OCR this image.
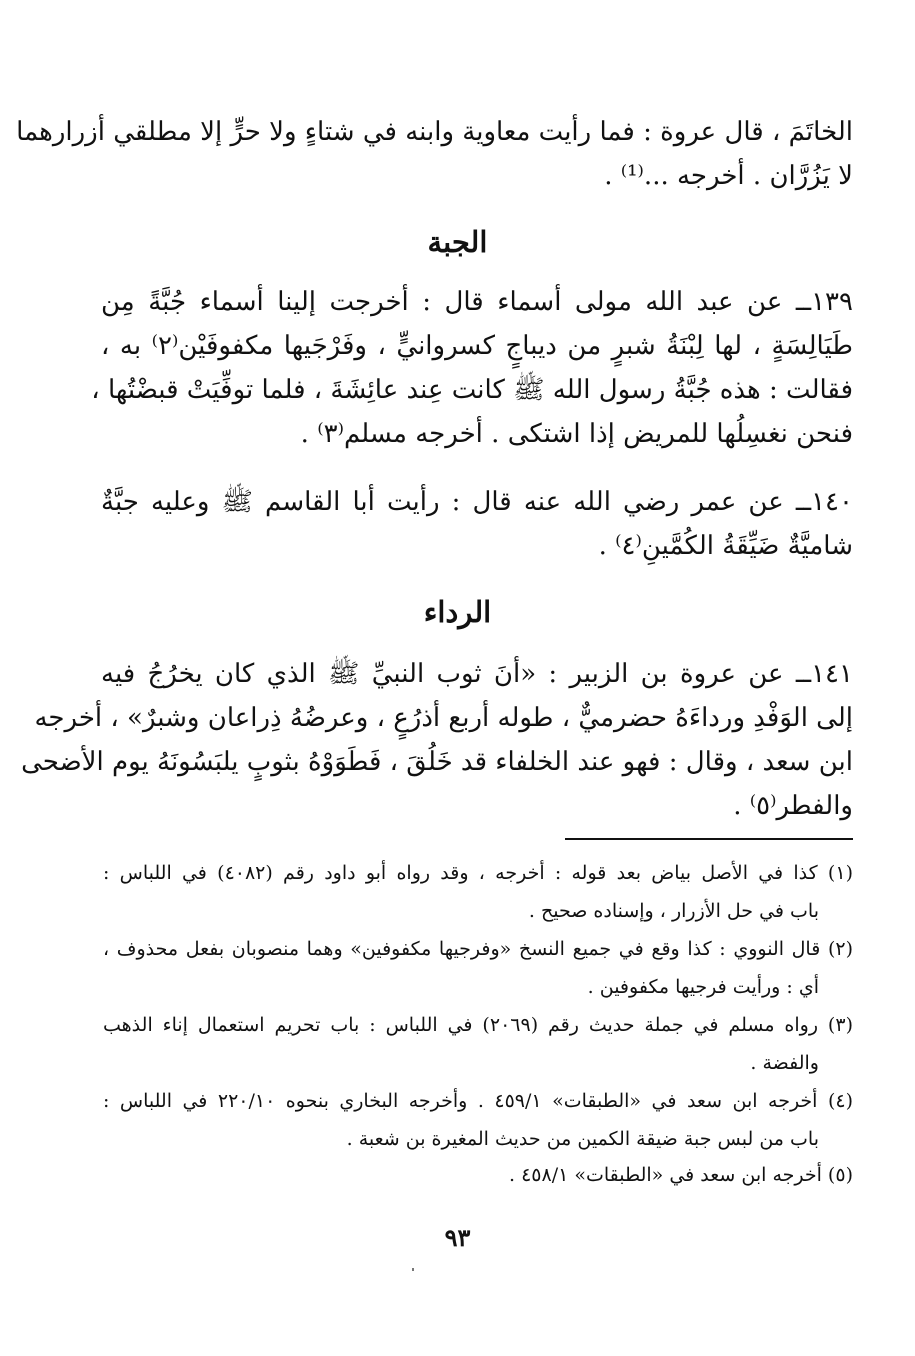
الخاتَمَ ، قال عروة : فما رأيت معاوية وابنه في شتاءٍ ولا حرٍّ إلا مطلقي أزرارهما
لا يَزُرَّان . أخرجه ...⁽¹⁾ .
الجبة
١٣٩ــ عن عبد الله مولى أسماء قال : أخرجت إلينا أسماء جُبَّةً مِن
طَيَالِسَةٍ ، لها لِبْنَةُ شبرٍ من ديباجٍ كسروانيٍّ ، وفَرْجَيها مكفوفَيْن⁽٢⁾ به ،
فقالت : هذه جُبَّةُ رسول الله ﷺ كانت عِند عائِشَةَ ، فلما توفِّيَتْ قبضْتُها ،
فنحن نغسِلُها للمريض إذا اشتكى . أخرجه مسلم⁽٣⁾ .
١٤٠ــ عن عمر رضي الله عنه قال : رأيت أبا القاسم ﷺ وعليه جبَّةٌ
شاميَّةٌ ضَيِّقَةُ الكُمَّينِ⁽٤⁾ .
الرداء
١٤١ــ عن عروة بن الزبير : «أنَ ثوب النبيِّ ﷺ الذي كان يخرُجُ فيه
إلى الوَفْدِ ورداءَهُ حضرميٌّ ، طوله أربع أذرُعٍ ، وعرضُهُ ذِراعان وشبرٌ» ، أخرجه
ابن سعد ، وقال : فهو عند الخلفاء قد خَلُقَ ، فَطَوَوْهُ بثوبٍ يلبَسُونَهُ يوم الأضحى
والفطر⁽٥⁾ .
(١) كذا في الأصل بياض بعد قوله : أخرجه ، وقد رواه أبو داود رقم (٤٠٨٢) في اللباس :
باب في حل الأزرار ، وإسناده صحيح .
(٢) قال النووي : كذا وقع في جميع النسخ «وفرجيها مكفوفين» وهما منصوبان بفعل محذوف ،
أي : ورأيت فرجيها مكفوفين .
(٣) رواه مسلم في جملة حديث رقم (٢٠٦٩) في اللباس : باب تحريم استعمال إناء الذهب
والفضة .
(٤) أخرجه ابن سعد في «الطبقات» ٤٥٩/١ . وأخرجه البخاري بنحوه ٢٢٠/١٠ في اللباس :
باب من لبس جبة ضيقة الكمين من حديث المغيرة بن شعبة .
(٥) أخرجه ابن سعد في «الطبقات» ٤٥٨/١ .
٩٣
